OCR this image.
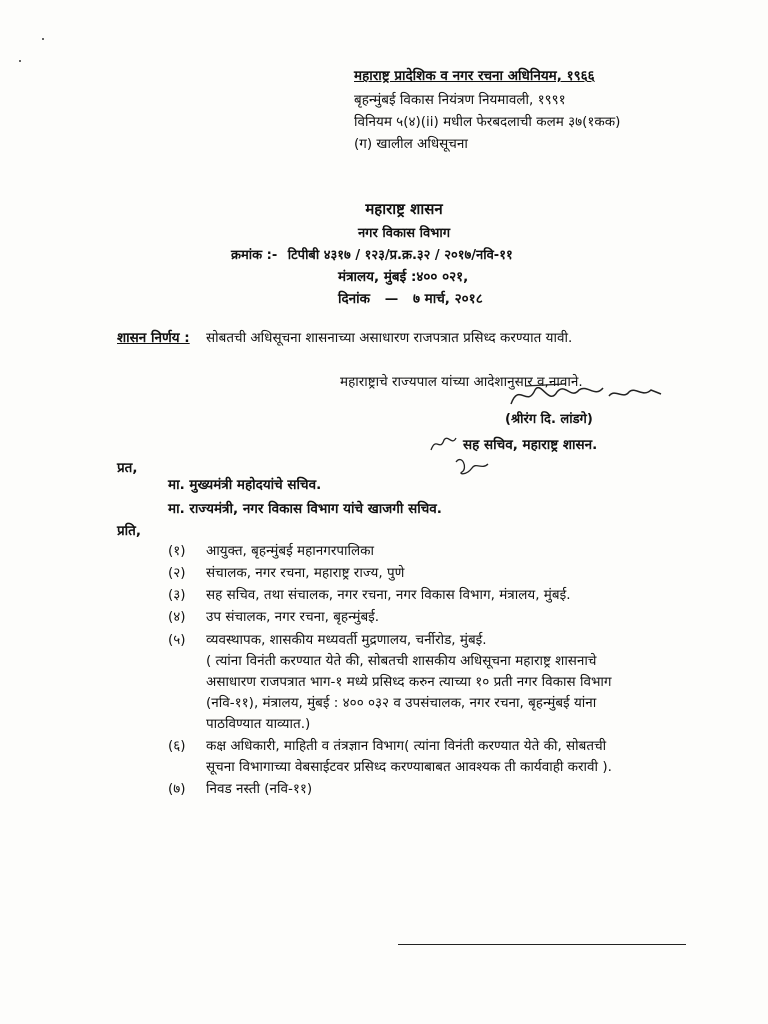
महाराष्ट्र प्रादेशिक व नगर रचना अधिनियम, १९६६
बृहन्मुंबई विकास नियंत्रण नियमावली, १९९१
विनियम ५(४)(ii) मधील फेरबदलाची कलम ३७(१कक)
(ग) खालील अधिसूचना
महाराष्ट्र शासन
नगर विकास विभाग
क्रमांक :- टिपीबी ४३१७ / १२३/प्र.क्र.३२ / २०१७/नवि-११
मंत्रालय, मुंबई :४०० ०२१,
दिनांक — ७ मार्च, २०१८
शासन निर्णय : सोबतची अधिसूचना शासनाच्या असाधारण राजपत्रात प्रसिध्द करण्यात यावी.
महाराष्ट्राचे राज्यपाल यांच्या आदेशानुसार व,नावाने.
(श्रीरंग दि. लांडगे)
सह सचिव, महाराष्ट्र शासन.
प्रत,
मा. मुख्यमंत्री महोदयांचे सचिव.
मा. राज्यमंत्री, नगर विकास विभाग यांचे खाजगी सचिव.
प्रति,
(१) आयुक्त, बृहन्मुंबई महानगरपालिका
(२) संचालक, नगर रचना, महाराष्ट्र राज्य, पुणे
(३) सह सचिव, तथा संचालक, नगर रचना, नगर विकास विभाग, मंत्रालय, मुंबई.
(४) उप संचालक, नगर रचना, बृहन्मुंबई.
(५) व्यवस्थापक, शासकीय मध्यवर्ती मुद्रणालय, चर्नीरोड, मुंबई.
( त्यांना विनंती करण्यात येते की, सोबतची शासकीय अधिसूचना महाराष्ट्र शासनाचे
असाधारण राजपत्रात भाग-१ मध्ये प्रसिध्द करुन त्याच्या १० प्रती नगर विकास विभाग
(नवि-११), मंत्रालय, मुंबई : ४०० ०३२ व उपसंचालक, नगर रचना, बृहन्मुंबई यांना
पाठविण्यात याव्यात.)
(६) कक्ष अधिकारी, माहिती व तंत्रज्ञान विभाग( त्यांना विनंती करण्यात येते की, सोबतची
सूचना विभागाच्या वेबसाईटवर प्रसिध्द करण्याबाबत आवश्यक ती कार्यवाही करावी ).
(७) निवड नस्ती (नवि-११)
